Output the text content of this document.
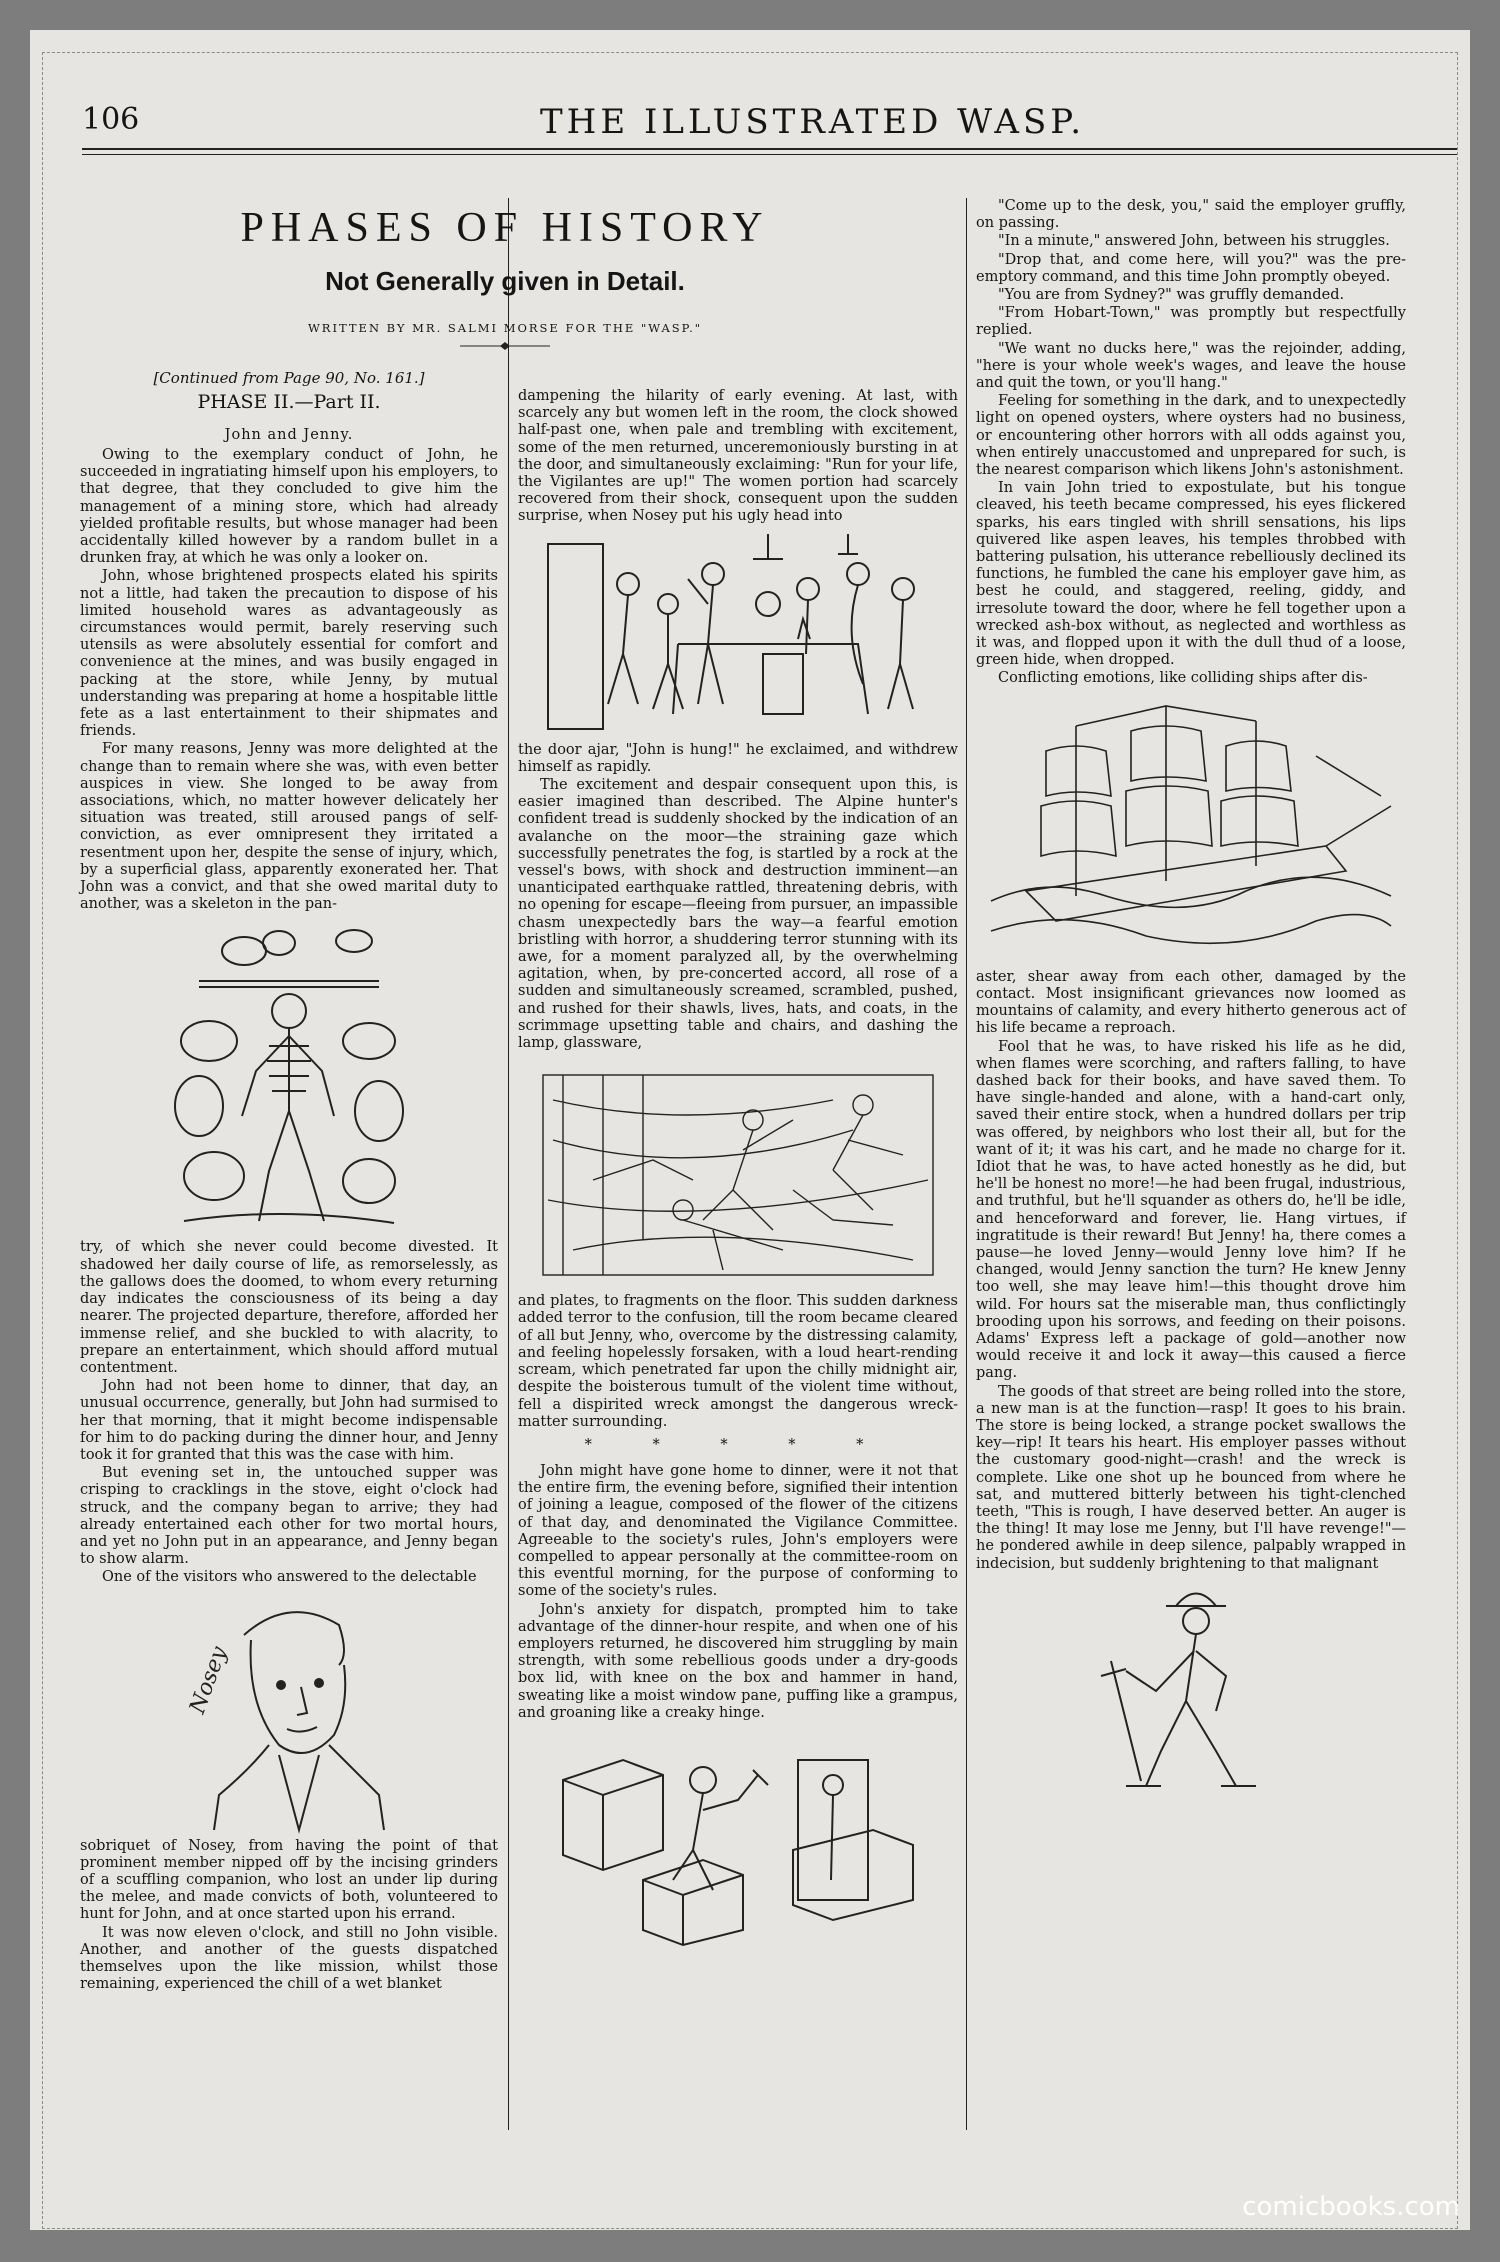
106	THE ILLUSTRATED WASP.
PHASES OF HISTORY
Not Generally given in Detail.
WRITTEN BY MR. SALMI MORSE FOR THE "WASP."
[Continued from Page 90, No. 161.]
PHASE II.—Part II.
John and Jenny.

Owing to the exemplary conduct of John, he succeeded in ingratiating himself upon his employers, to that degree, that they concluded to give him the management of a mining store, which had already yielded profitable results, but whose manager had been accidentally killed however by a random bullet in a drunken fray, at which he was only a looker on.

John, whose brightened prospects elated his spirits not a little, had taken the precaution to dispose of his limited household wares as advantageously as circumstances would permit, barely reserving such utensils as were absolutely essential for comfort and convenience at the mines, and was busily engaged in packing at the store, while Jenny, by mutual understanding was preparing at home a hospitable little fete as a last entertainment to their shipmates and friends.

For many reasons, Jenny was more delighted at the change than to remain where she was, with even better auspices in view. She longed to be away from associations, which, no matter however delicately her situation was treated, still aroused pangs of self-conviction, as ever omnipresent they irritated a resentment upon her, despite the sense of injury, which, by a superficial glass, apparently exonerated her. That John was a convict, and that she owed marital duty to another, was a skeleton in the pan-

try, of which she never could become divested. It shadowed her daily course of life, as remorselessly, as the gallows does the doomed, to whom every returning day indicates the consciousness of its being a day nearer. The projected departure, therefore, afforded her immense relief, and she buckled to with alacrity, to prepare an entertainment, which should afford mutual contentment.

John had not been home to dinner, that day, an unusual occurrence, generally, but John had surmised to her that morning, that it might become indispensable for him to do packing during the dinner hour, and Jenny took it for granted that this was the case with him.

But evening set in, the untouched supper was crisping to cracklings in the stove, eight o'clock had struck, and the company began to arrive; they had already entertained each other for two mortal hours, and yet no John put in an appearance, and Jenny began to show alarm.

One of the visitors who answered to the delectable

Nosey

sobriquet of Nosey, from having the point of that prominent member nipped off by the incising grinders of a scuffling companion, who lost an under lip during the melee, and made convicts of both, volunteered to hunt for John, and at once started upon his errand.

It was now eleven o'clock, and still no John visible. Another, and another of the guests dispatched themselves upon the like mission, whilst those remaining, experienced the chill of a wet blanket

dampening the hilarity of early evening. At last, with scarcely any but women left in the room, the clock showed half-past one, when pale and trembling with excitement, some of the men returned, unceremoniously bursting in at the door, and simultaneously exclaiming: "Run for your life, the Vigilantes are up!" The women portion had scarcely recovered from their shock, consequent upon the sudden surprise, when Nosey put his ugly head into

the door ajar, "John is hung!" he exclaimed, and withdrew himself as rapidly.

The excitement and despair consequent upon this, is easier imagined than described. The Alpine hunter's confident tread is suddenly shocked by the indication of an avalanche on the moor—the straining gaze which successfully penetrates the fog, is startled by a rock at the vessel's bows, with shock and destruction imminent—an unanticipated earthquake rattled, threatening debris, with no opening for escape—fleeing from pursuer, an impassible chasm unexpectedly bars the way—a fearful emotion bristling with horror, a shuddering terror stunning with its awe, for a moment paralyzed all, by the overwhelming agitation, when, by pre-concerted accord, all rose of a sudden and simultaneously screamed, scrambled, pushed, and rushed for their shawls, lives, hats, and coats, in the scrimmage upsetting table and chairs, and dashing the lamp, glassware,

and plates, to fragments on the floor. This sudden darkness added terror to the confusion, till the room became cleared of all but Jenny, who, overcome by the distressing calamity, and feeling hopelessly forsaken, with a loud heart-rending scream, which penetrated far upon the chilly midnight air, despite the boisterous tumult of the violent time without, fell a dispirited wreck amongst the dangerous wreck-matter surrounding.

* * * * *

John might have gone home to dinner, were it not that the entire firm, the evening before, signified their intention of joining a league, composed of the flower of the citizens of that day, and denominated the Vigilance Committee. Agreeable to the society's rules, John's employers were compelled to appear personally at the committee-room on this eventful morning, for the purpose of conforming to some of the society's rules.

John's anxiety for dispatch, prompted him to take advantage of the dinner-hour respite, and when one of his employers returned, he discovered him struggling by main strength, with some rebellious goods under a dry-goods box lid, with knee on the box and hammer in hand, sweating like a moist window pane, puffing like a grampus, and groaning like a creaky hinge.

"Come up to the desk, you," said the employer gruffly, on passing.

"In a minute," answered John, between his struggles.

"Drop that, and come here, will you?" was the pre-emptory command, and this time John promptly obeyed.

"You are from Sydney?" was gruffly demanded.

"From Hobart-Town," was promptly but respectfully replied.

"We want no ducks here," was the rejoinder, adding, "here is your whole week's wages, and leave the house and quit the town, or you'll hang."

Feeling for something in the dark, and to unexpectedly light on opened oysters, where oysters had no business, or encountering other horrors with all odds against you, when entirely unaccustomed and unprepared for such, is the nearest comparison which likens John's astonishment.

In vain John tried to expostulate, but his tongue cleaved, his teeth became compressed, his eyes flickered sparks, his ears tingled with shrill sensations, his lips quivered like aspen leaves, his temples throbbed with battering pulsation, his utterance rebelliously declined its functions, he fumbled the cane his employer gave him, as best he could, and staggered, reeling, giddy, and irresolute toward the door, where he fell together upon a wrecked ash-box without, as neglected and worthless as it was, and flopped upon it with the dull thud of a loose, green hide, when dropped.

Conflicting emotions, like colliding ships after dis-

aster, shear away from each other, damaged by the contact. Most insignificant grievances now loomed as mountains of calamity, and every hitherto generous act of his life became a reproach.

Fool that he was, to have risked his life as he did, when flames were scorching, and rafters falling, to have dashed back for their books, and have saved them. To have single-handed and alone, with a hand-cart only, saved their entire stock, when a hundred dollars per trip was offered, by neighbors who lost their all, but for the want of it; it was his cart, and he made no charge for it. Idiot that he was, to have acted honestly as he did, but he'll be honest no more!—he had been frugal, industrious, and truthful, but he'll squander as others do, he'll be idle, and henceforward and forever, lie. Hang virtues, if ingratitude is their reward! But Jenny! ha, there comes a pause—he loved Jenny—would Jenny love him? If he changed, would Jenny sanction the turn? He knew Jenny too well, she may leave him!—this thought drove him wild. For hours sat the miserable man, thus conflictingly brooding upon his sorrows, and feeding on their poisons. Adams' Express left a package of gold—another now would receive it and lock it away—this caused a fierce pang.

The goods of that street are being rolled into the store, a new man is at the function—rasp! It goes to his brain. The store is being locked, a strange pocket swallows the key—rip! It tears his heart. His employer passes without the customary good-night—crash! and the wreck is complete. Like one shot up he bounced from where he sat, and muttered bitterly between his tight-clenched teeth, "This is rough, I have deserved better. An auger is the thing! It may lose me Jenny, but I'll have revenge!"—he pondered awhile in deep silence, palpably wrapped in indecision, but suddenly brightening to that malignant

comicbooks.com
